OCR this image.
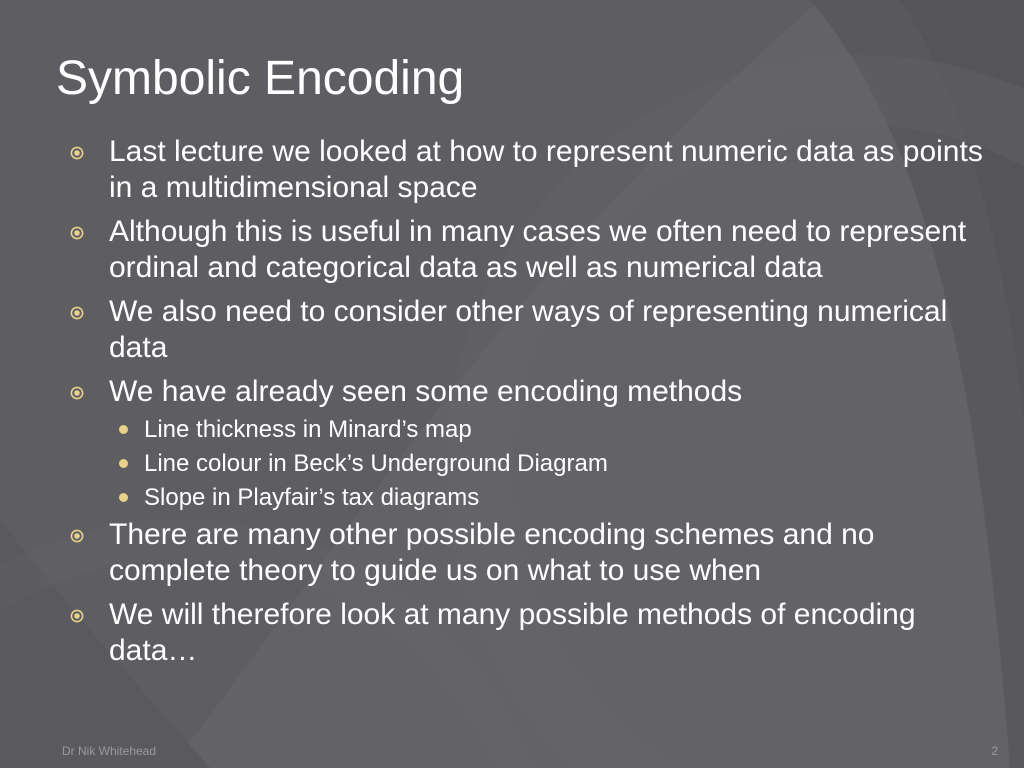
Symbolic Encoding
Last lecture we looked at how to represent numeric data as points in a multidimensional space
Although this is useful in many cases we often need to represent ordinal and categorical data as well as numerical data
We also need to consider other ways of representing numerical data
We have already seen some encoding methods
Line thickness in Minard’s map
Line colour in Beck’s Underground Diagram
Slope in Playfair’s tax diagrams
There are many other possible encoding schemes and no complete theory to guide us on what to use when
We will therefore look at many possible methods of encoding data…
Dr Nik Whitehead	2
